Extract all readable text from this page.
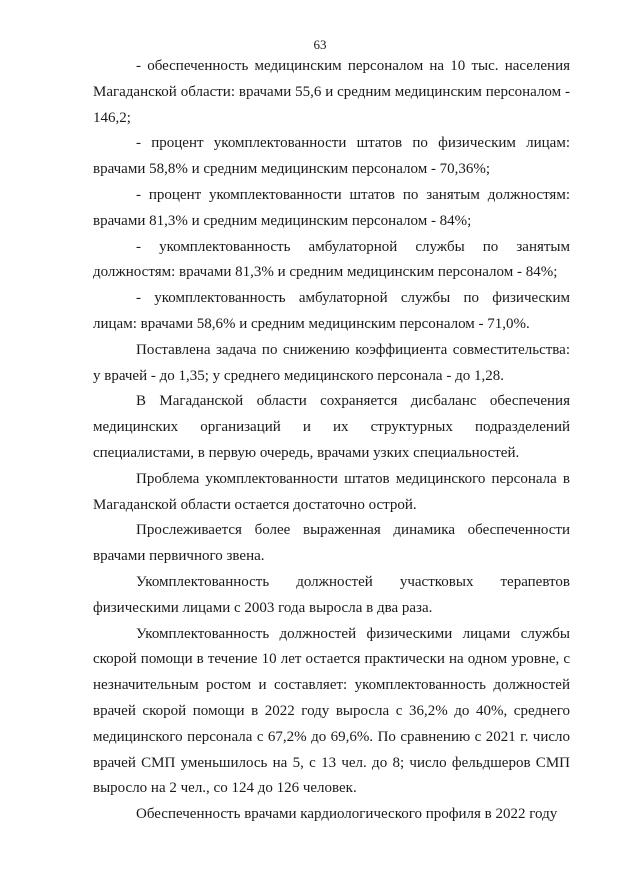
63

- обеспеченность медицинским персоналом на 10 тыс. населения Магаданской области: врачами 55,6 и средним медицинским персоналом - 146,2;

- процент укомплектованности штатов по физическим лицам: врачами 58,8% и средним медицинским персоналом - 70,36%;

- процент укомплектованности штатов по занятым должностям: врачами 81,3% и средним медицинским персоналом - 84%;

- укомплектованность амбулаторной службы по занятым должностям: врачами 81,3% и средним медицинским персоналом - 84%;

- укомплектованность амбулаторной службы по физическим лицам: врачами 58,6% и средним медицинским персоналом - 71,0%.

Поставлена задача по снижению коэффициента совместительства: у врачей - до 1,35; у среднего медицинского персонала - до 1,28.

В Магаданской области сохраняется дисбаланс обеспечения медицинских организаций и их структурных подразделений специалистами, в первую очередь, врачами узких специальностей.

Проблема укомплектованности штатов медицинского персонала в Магаданской области остается достаточно острой.

Прослеживается более выраженная динамика обеспеченности врачами первичного звена.

Укомплектованность должностей участковых терапевтов физическими лицами с 2003 года выросла в два раза.

Укомплектованность должностей физическими лицами службы скорой помощи в течение 10 лет остается практически на одном уровне, с незначительным ростом и составляет: укомплектованность должностей врачей скорой помощи в 2022 году выросла с 36,2% до 40%, среднего медицинского персонала с 67,2% до 69,6%. По сравнению с 2021 г. число врачей СМП уменьшилось на 5, с 13 чел. до 8; число фельдшеров СМП выросло на 2 чел., со 124 до 126 человек.

Обеспеченность врачами кардиологического профиля в 2022 году
